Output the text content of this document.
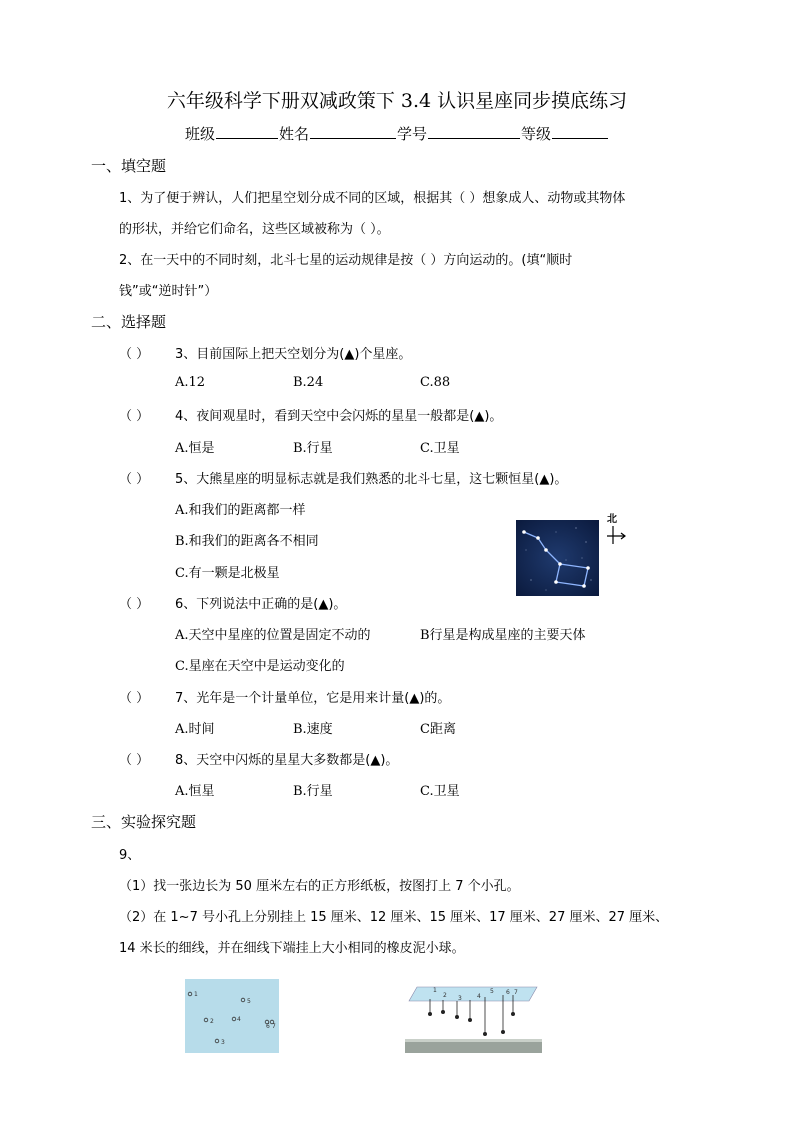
六年级科学下册双减政策下 3.4 认识星座同步摸底练习
班级	姓名	学号	等级
一、填空题
1、为了便于辨认，人们把星空划分成不同的区域，根据其（ ）想象成人、动物或其物体
的形状，并给它们命名，这些区域被称为（ ）。
2、在一天中的不同时刻，北斗七星的运动规律是按（ ）方向运动的。(填“顺时
钱”或“逆时针”）
二、选择题
（ ） 3、目前国际上把天空划分为(▲)个星座。
A.12	B.24	C.88
（ ） 4、夜间观星时，看到天空中会闪烁的星星一般都是(▲)。
A.恒是	B.行星	C.卫星
（ ） 5、大熊星座的明显标志就是我们熟悉的北斗七星，这七颗恒星(▲)。
A.和我们的距离都一样
B.和我们的距离各不相同
C.有一颗是北极星
北
（ ） 6、下列说法中正确的是(▲)。
A.天空中星座的位置是固定不动的	B行星是构成星座的主要天体
C.星座在天空中是运动变化的
（ ） 7、光年是一个计量单位，它是用来计量(▲)的。
A.时间	B.速度	C距离
（ ） 8、天空中闪烁的星星大多数都是(▲)。
A.恒星	B.行星	C.卫星
三、实验探究题
9、
（1）找一张边长为 50 厘米左右的正方形纸板，按图打上 7 个小孔。
（2）在 1~7 号小孔上分别挂上 15 厘米、12 厘米、15 厘米、17 厘米、27 厘米、27 厘米、
14 米长的细线，并在细线下端挂上大小相同的橡皮泥小球。
1
2
3
4
5
6 7
1
2 3	4
5 6 7
